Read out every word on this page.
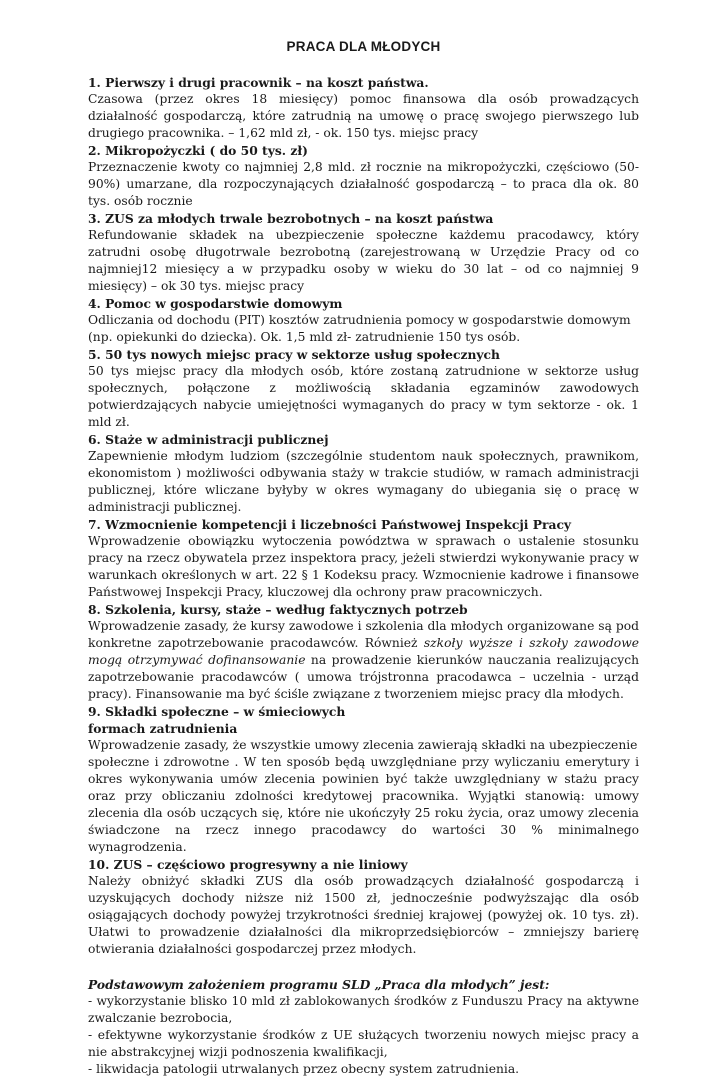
PRACA DLA MŁODYCH

1. Pierwszy i drugi pracownik – na koszt państwa.

Czasowa (przez okres 18 miesięcy) pomoc finansowa dla osób prowadzących działalność gospodarczą, które zatrudnią na umowę o pracę swojego pierwszego lub drugiego pracownika. – 1,62 mld zł, - ok. 150 tys. miejsc pracy

2. Mikropożyczki ( do 50 tys. zł)

Przeznaczenie kwoty co najmniej 2,8 mld. zł rocznie na mikropożyczki, częściowo (50-90%) umarzane, dla rozpoczynających działalność gospodarczą – to praca dla ok. 80 tys. osób rocznie

3. ZUS za młodych trwale bezrobotnych – na koszt państwa

Refundowanie składek na ubezpieczenie społeczne każdemu pracodawcy, który zatrudni osobę długotrwale bezrobotną (zarejestrowaną w Urzędzie Pracy od co najmniej12 miesięcy a w przypadku osoby w wieku do 30 lat – od co najmniej 9 miesięcy) – ok 30 tys. miejsc pracy

4. Pomoc w gospodarstwie domowym

Odliczania od dochodu (PIT) kosztów zatrudnienia pomocy w gospodarstwie domowym
(np. opiekunki do dziecka). Ok. 1,5 mld zł- zatrudnienie 150 tys osób.

5. 50 tys nowych miejsc pracy w sektorze usług społecznych

50 tys miejsc pracy dla młodych osób, które zostaną zatrudnione w sektorze usług społecznych, połączone z możliwością składania egzaminów zawodowych potwierdzających nabycie umiejętności wymaganych do pracy w tym sektorze - ok. 1 mld zł.

6. Staże w administracji publicznej

Zapewnienie młodym ludziom (szczególnie studentom nauk społecznych, prawnikom, ekonomistom ) możliwości odbywania staży w trakcie studiów, w ramach administracji publicznej, które wliczane byłyby w okres wymagany do ubiegania się o pracę w administracji publicznej.

7. Wzmocnienie kompetencji i liczebności Państwowej Inspekcji Pracy

Wprowadzenie obowiązku wytoczenia powództwa w sprawach o ustalenie stosunku pracy na rzecz obywatela przez inspektora pracy, jeżeli stwierdzi wykonywanie pracy w warunkach określonych w art. 22 § 1 Kodeksu pracy. Wzmocnienie kadrowe i finansowe Państwowej Inspekcji Pracy, kluczowej dla ochrony praw pracowniczych.

8. Szkolenia, kursy, staże – według faktycznych potrzeb

Wprowadzenie zasady, że kursy zawodowe i szkolenia dla młodych organizowane są pod konkretne zapotrzebowanie pracodawców. Również szkoły wyższe i szkoły zawodowe mogą otrzymywać dofinansowanie na prowadzenie kierunków nauczania realizujących zapotrzebowanie pracodawców ( umowa trójstronna pracodawca – uczelnia - urząd pracy). Finansowanie ma być ściśle związane z tworzeniem miejsc pracy dla młodych.

9. Składki społeczne – w śmieciowych

formach zatrudnienia

Wprowadzenie zasady, że wszystkie umowy zlecenia zawierają składki na ubezpieczenie

społeczne i zdrowotne . W ten sposób będą uwzględniane przy wyliczaniu emerytury i okres wykonywania umów zlecenia powinien być także uwzględniany w stażu pracy oraz przy obliczaniu zdolności kredytowej pracownika. Wyjątki stanowią: umowy zlecenia dla osób uczących się, które nie ukończyły 25 roku życia, oraz umowy zlecenia świadczone na rzecz innego pracodawcy do wartości 30 % minimalnego wynagrodzenia.

10. ZUS – częściowo progresywny a nie liniowy

Należy obniżyć składki ZUS dla osób prowadzących działalność gospodarczą i uzyskujących dochody niższe niż 1500 zł, jednocześnie podwyższając dla osób osiągających dochody powyżej trzykrotności średniej krajowej (powyżej ok. 10 tys. zł). Ułatwi to prowadzenie działalności dla mikroprzedsiębiorców – zmniejszy barierę otwierania działalności gospodarczej przez młodych.

Podstawowym założeniem programu SLD „Praca dla młodych” jest:

- wykorzystanie blisko 10 mld zł zablokowanych środków z Funduszu Pracy na aktywne zwalczanie bezrobocia,

- efektywne wykorzystanie środków z UE służących tworzeniu nowych miejsc pracy a nie abstrakcyjnej wizji podnoszenia kwalifikacji,

- likwidacja patologii utrwalanych przez obecny system zatrudnienia.
